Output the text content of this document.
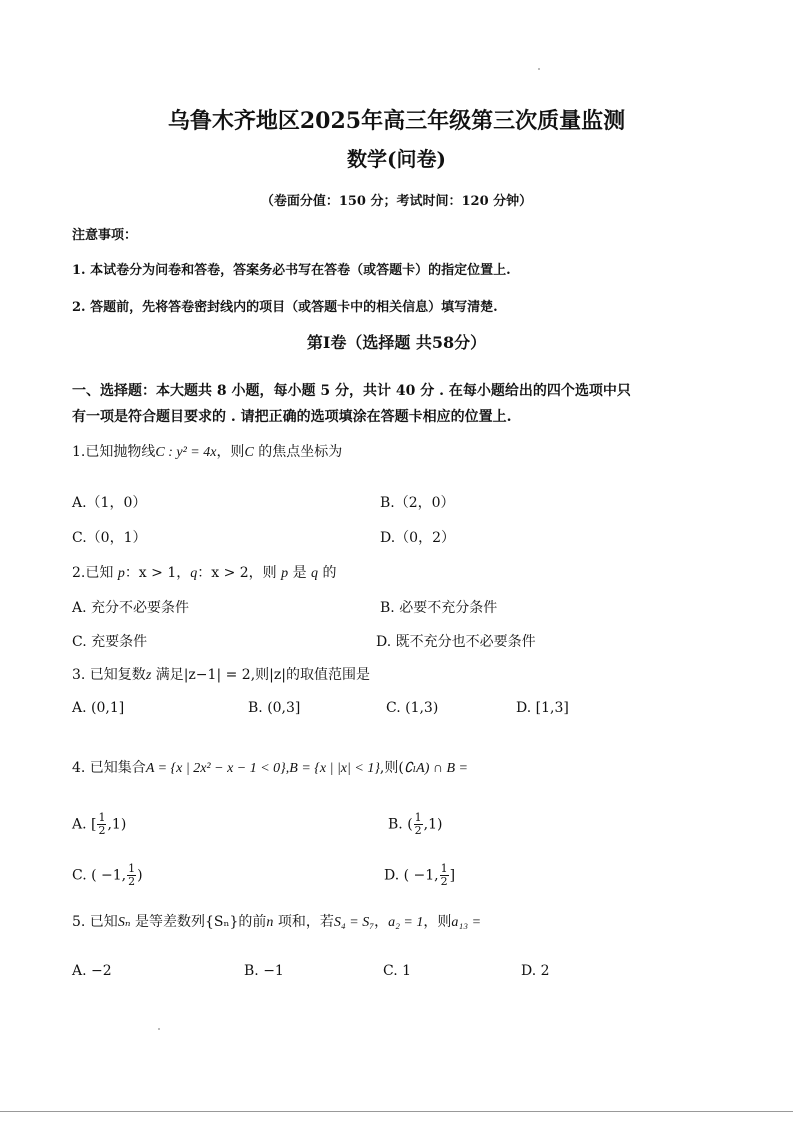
乌鲁木齐地区2025年高三年级第三次质量监测
数学(问卷)
（卷面分值：150 分；考试时间：120 分钟）
注意事项：
1. 本试卷分为问卷和答卷，答案务必书写在答卷（或答题卡）的指定位置上.
2. 答题前，先将答卷密封线内的项目（或答题卡中的相关信息）填写清楚.
第Ⅰ卷（选择题 共58分）
一、选择题：本大题共 8 小题，每小题 5 分，共计 40 分 . 在每小题给出的四个选项中只
有一项是符合题目要求的 . 请把正确的选项填涂在答题卡相应的位置上.
1.已知抛物线C : y² = 4x，则C 的焦点坐标为
A.（1，0）	B.（2，0）
C.（0，1）	D.（0，2）
2.已知 p：x > 1，q：x > 2，则 p 是 q 的
A. 充分不必要条件	B. 必要不充分条件
C. 充要条件	D. 既不充分也不必要条件
3. 已知复数z 满足|z−1| = 2,则|z|的取值范围是
A. (0,1]	B. (0,3]	C. (1,3)	D. [1,3]
4. 已知集合A = {x | 2x² − x − 1 < 0},B = {x | |x| < 1},则(∁ₗA) ∩ B =
A. [ $\frac{1}{2} ,1$)	B. ( $\frac{1}{2} ,1$)
C. ( −1, $\frac{1}{2}$ )	D. ( −1, $\frac{1}{2}$ ]
5. 已知Sₙ 是等差数列{Sₙ}的前n 项和，若S₄ = S₇，a₂ = 1，则a₁₃ =
A. −2	B. −1	C. 1	D. 2
